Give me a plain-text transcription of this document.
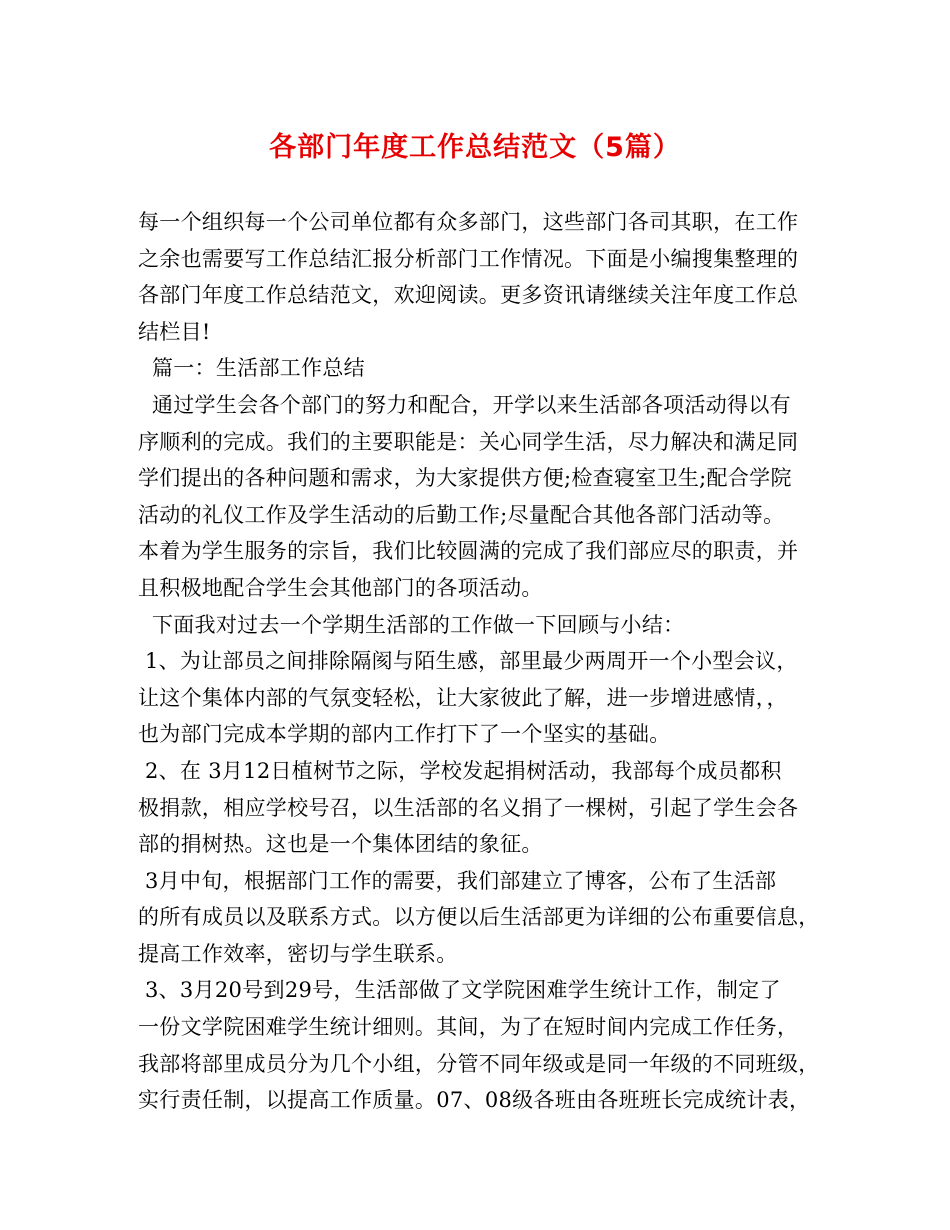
各部门年度工作总结范文（5篇）
每一个组织每一个公司单位都有众多部门，这些部门各司其职，在工作
之余也需要写工作总结汇报分析部门工作情况。下面是小编搜集整理的
各部门年度工作总结范文，欢迎阅读。更多资讯请继续关注年度工作总
结栏目!
篇一：生活部工作总结
通过学生会各个部门的努力和配合，开学以来生活部各项活动得以有
序顺利的完成。我们的主要职能是：关心同学生活，尽力解决和满足同
学们提出的各种问题和需求，为大家提供方便;检查寝室卫生;配合学院
活动的礼仪工作及学生活动的后勤工作;尽量配合其他各部门活动等。
本着为学生服务的宗旨，我们比较圆满的完成了我们部应尽的职责，并
且积极地配合学生会其他部门的各项活动。
下面我对过去一个学期生活部的工作做一下回顾与小结：
1、为让部员之间排除隔阂与陌生感，部里最少两周开一个小型会议，
让这个集体内部的气氛变轻松，让大家彼此了解，进一步增进感情，，
也为部门完成本学期的部内工作打下了一个坚实的基础。
2、在 3月12日植树节之际，学校发起捐树活动，我部每个成员都积
极捐款，相应学校号召，以生活部的名义捐了一棵树，引起了学生会各
部的捐树热。这也是一个集体团结的象征。
3月中旬，根据部门工作的需要，我们部建立了博客，公布了生活部
的所有成员以及联系方式。以方便以后生活部更为详细的公布重要信息，
提高工作效率，密切与学生联系。
3、3月20号到29号，生活部做了文学院困难学生统计工作，制定了
一份文学院困难学生统计细则。其间，为了在短时间内完成工作任务，
我部将部里成员分为几个小组，分管不同年级或是同一年级的不同班级，
实行责任制，以提高工作质量。07、08级各班由各班班长完成统计表，
